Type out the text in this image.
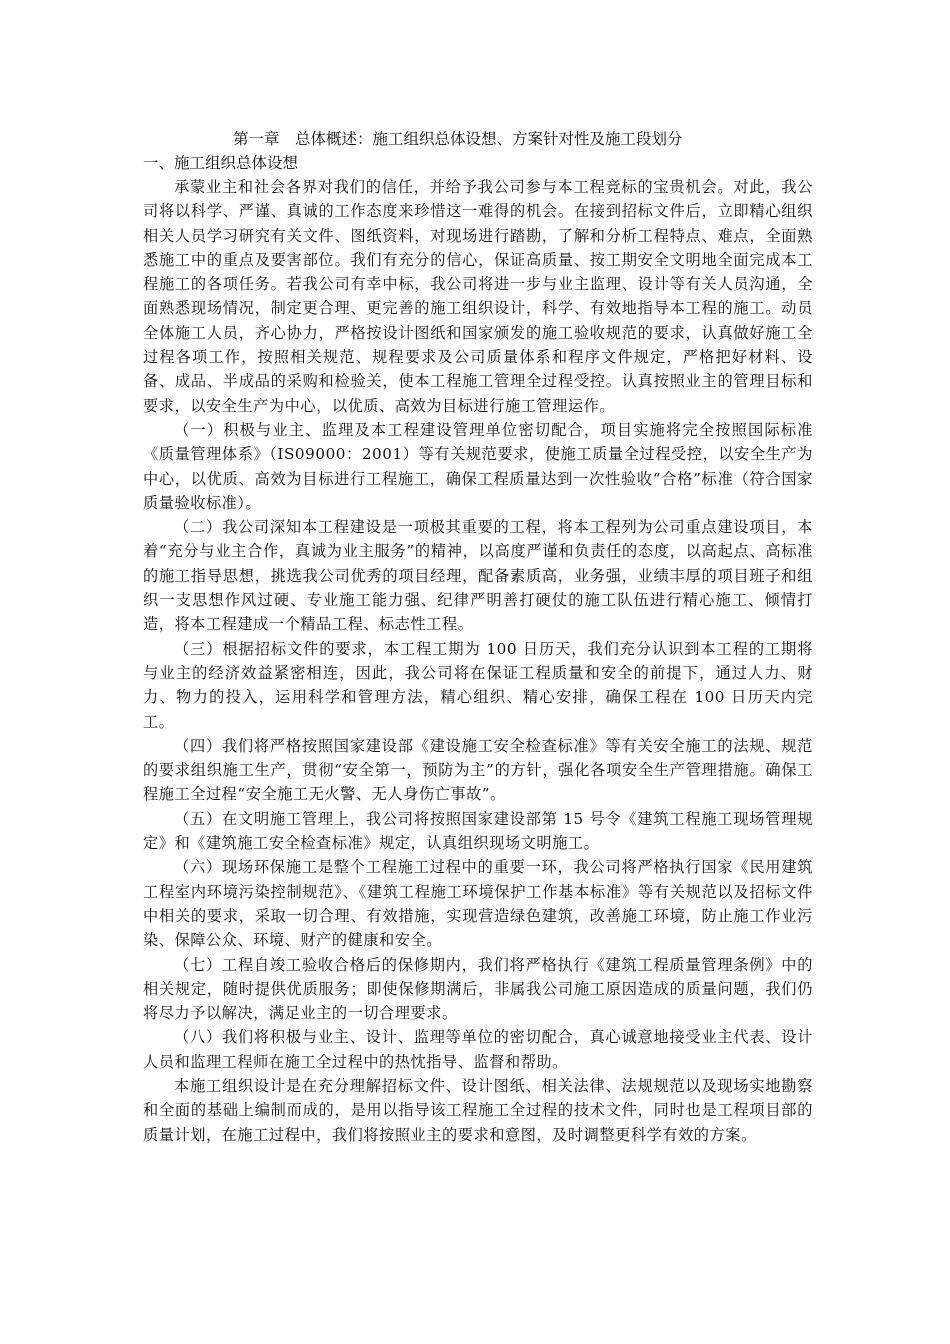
第一章　总体概述：施工组织总体设想、方案针对性及施工段划分
一、施工组织总体设想

承蒙业主和社会各界对我们的信任，并给予我公司参与本工程竞标的宝贵机会。对此，我公司将以科学、严谨、真诚的工作态度来珍惜这一难得的机会。在接到招标文件后，立即精心组织相关人员学习研究有关文件、图纸资料，对现场进行踏勘，了解和分析工程特点、难点，全面熟悉施工中的重点及要害部位。我们有充分的信心，保证高质量、按工期安全文明地全面完成本工程施工的各项任务。若我公司有幸中标，我公司将进一步与业主监理、设计等有关人员沟通，全面熟悉现场情况，制定更合理、更完善的施工组织设计，科学、有效地指导本工程的施工。动员全体施工人员，齐心协力，严格按设计图纸和国家颁发的施工验收规范的要求，认真做好施工全过程各项工作，按照相关规范、规程要求及公司质量体系和程序文件规定，严格把好材料、设备、成品、半成品的采购和检验关，使本工程施工管理全过程受控。认真按照业主的管理目标和要求，以安全生产为中心，以优质、高效为目标进行施工管理运作。

（一）积极与业主、监理及本工程建设管理单位密切配合，项目实施将完全按照国际标准《质量管理体系》（IS09000：2001）等有关规范要求，使施工质量全过程受控，以安全生产为中心，以优质、高效为目标进行工程施工，确保工程质量达到一次性验收“合格”标准（符合国家质量验收标准）。

（二）我公司深知本工程建设是一项极其重要的工程，将本工程列为公司重点建设项目，本着“充分与业主合作，真诚为业主服务”的精神，以高度严谨和负责任的态度，以高起点、高标准的施工指导思想，挑选我公司优秀的项目经理，配备素质高，业务强，业绩丰厚的项目班子和组织一支思想作风过硬、专业施工能力强、纪律严明善打硬仗的施工队伍进行精心施工、倾情打造，将本工程建成一个精品工程、标志性工程。

（三）根据招标文件的要求，本工程工期为 100 日历天，我们充分认识到本工程的工期将与业主的经济效益紧密相连，因此，我公司将在保证工程质量和安全的前提下，通过人力、财力、物力的投入，运用科学和管理方法，精心组织、精心安排，确保工程在 100 日历天内完工。

（四）我们将严格按照国家建设部《建设施工安全检查标准》等有关安全施工的法规、规范的要求组织施工生产，贯彻“安全第一，预防为主”的方针，强化各项安全生产管理措施。确保工程施工全过程“安全施工无火警、无人身伤亡事故”。

（五）在文明施工管理上，我公司将按照国家建设部第 15 号令《建筑工程施工现场管理规定》和《建筑施工安全检查标准》规定，认真组织现场文明施工。

（六）现场环保施工是整个工程施工过程中的重要一环，我公司将严格执行国家《民用建筑工程室内环境污染控制规范》、《建筑工程施工环境保护工作基本标准》等有关规范以及招标文件中相关的要求，采取一切合理、有效措施，实现营造绿色建筑，改善施工环境，防止施工作业污染、保障公众、环境、财产的健康和安全。

（七）工程自竣工验收合格后的保修期内，我们将严格执行《建筑工程质量管理条例》中的相关规定，随时提供优质服务；即使保修期满后，非属我公司施工原因造成的质量问题，我们仍将尽力予以解决，满足业主的一切合理要求。

（八）我们将积极与业主、设计、监理等单位的密切配合，真心诚意地接受业主代表、设计人员和监理工程师在施工全过程中的热忱指导、监督和帮助。

本施工组织设计是在充分理解招标文件、设计图纸、相关法律、法规规范以及现场实地勘察和全面的基础上编制而成的，是用以指导该工程施工全过程的技术文件，同时也是工程项目部的质量计划，在施工过程中，我们将按照业主的要求和意图，及时调整更科学有效的方案。
